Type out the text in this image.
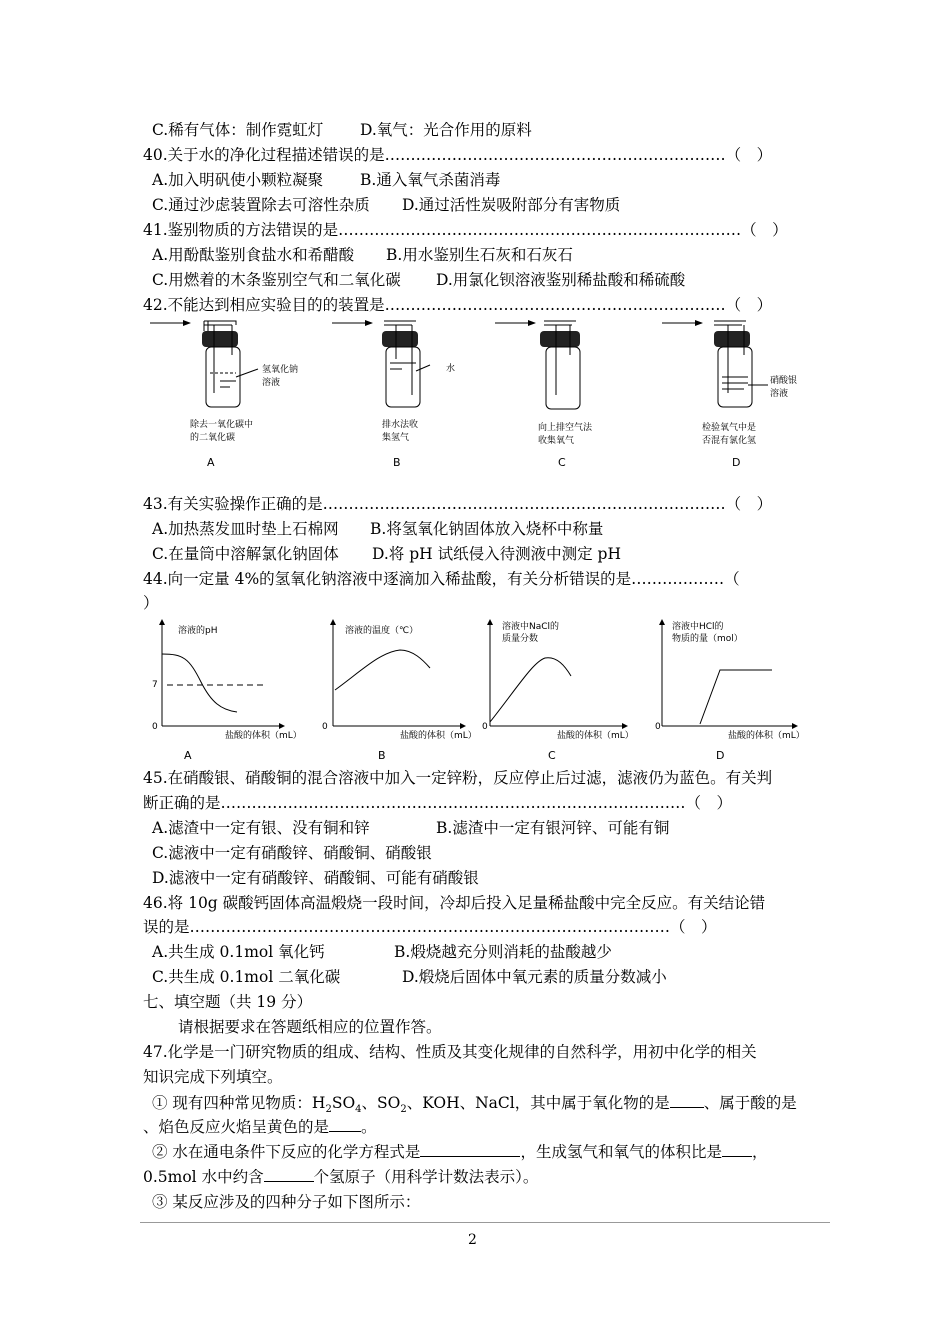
C.稀有气体：制作霓虹灯 D.氧气：光合作用的原料
40.关于水的净化过程描述错误的是…………………………………………………………（　）
A.加入明矾使小颗粒凝聚 B.通入氧气杀菌消毒
C.通过沙虑装置除去可溶性杂质 D.通过活性炭吸附部分有害物质
41.鉴别物质的方法错误的是……………………………………………………………………（　）
A.用酚酞鉴别食盐水和希醋酸 B.用水鉴别生石灰和石灰石
C.用燃着的木条鉴别空气和二氧化碳 D.用氯化钡溶液鉴别稀盐酸和稀硫酸
42.不能达到相应实验目的的装置是…………………………………………………………（　）
氢氧化钠
溶液
除去一氧化碳中
的二氧化碳
A
水
排水法收
集氢气
B
向上排空气法
收集氧气
C
硝酸银
溶液
检验氧气中是
否混有氯化氢
D
43.有关实验操作正确的是……………………………………………………………………（　）
A.加热蒸发皿时垫上石棉网 B.将氢氧化钠固体放入烧杯中称量
C.在量筒中溶解氯化钠固体 D.将 pH 试纸侵入待测液中测定 pH
44.向一定量 4%的氢氧化钠溶液中逐滴加入稀盐酸，有关分析错误的是………………（
）
溶液的pH
7
0
盐酸的体积（mL）
A
溶液的温度（℃）
0
盐酸的体积（mL）
B
溶液中NaCl的
质量分数
0
盐酸的体积（mL）
C
溶液中HCl的
物质的量（mol）
0
盐酸的体积（mL）
D
45.在硝酸银、硝酸铜的混合溶液中加入一定锌粉，反应停止后过滤，滤液仍为蓝色。有关判
断正确的是………………………………………………………………………………（　）
A.滤渣中一定有银、没有铜和锌	B.滤渣中一定有银河锌、可能有铜
C.滤液中一定有硝酸锌、硝酸铜、硝酸银
D.滤液中一定有硝酸锌、硝酸铜、可能有硝酸银
46.将 10g 碳酸钙固体高温煅烧一段时间，冷却后投入足量稀盐酸中完全反应。有关结论错
误的是…………………………………………………………………………………（　）
A.共生成 0.1mol 氧化钙	B.煅烧越充分则消耗的盐酸越少
C.共生成 0.1mol 二氧化碳	D.煅烧后固体中氧元素的质量分数减小
七、填空题（共 19 分）
请根据要求在答题纸相应的位置作答。
47.化学是一门研究物质的组成、结构、性质及其变化规律的自然科学，用初中化学的相关
知识完成下列填空。
① 现有四种常见物质：$H_2SO_4$、$SO_2$、KOH、NaCl，其中属于氧化物的是 、属于酸的是
、焰色反应火焰呈黄色的是 。
② 水在通电条件下反应的化学方程式是	，生成氢气和氧气的体积比是 ，
0.5mol 水中约含	个氢原子（用科学计数法表示）。
③ 某反应涉及的四种分子如下图所示：
2
